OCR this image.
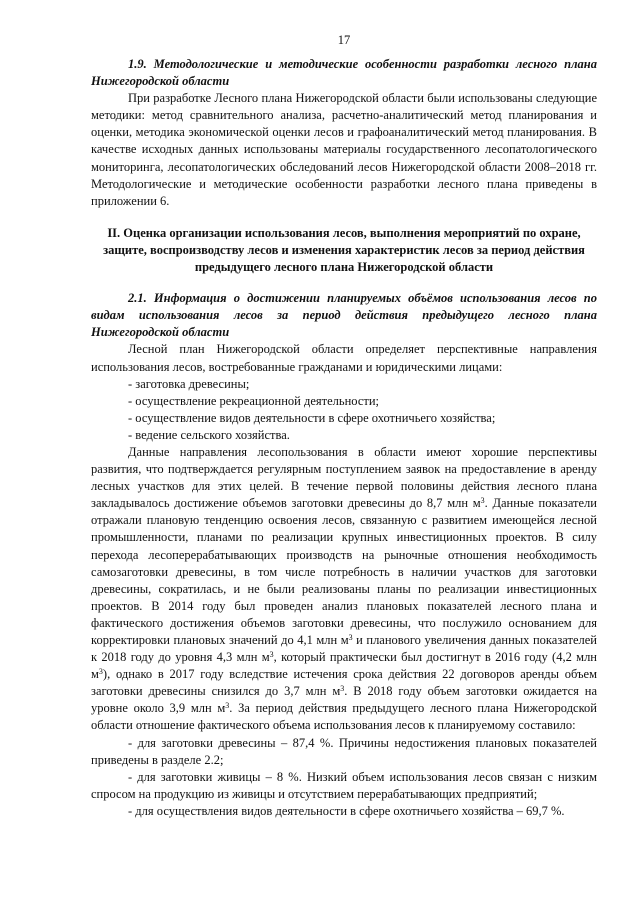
17

1.9. Методологические и методические особенности разработки лесного плана Нижегородской области

При разработке Лесного плана Нижегородской области были использованы следующие методики: метод сравнительного анализа, расчетно-аналитический метод планирования и оценки, методика экономической оценки лесов и графоаналитический метод планирования. В качестве исходных данных использованы материалы государственного лесопатологического мониторинга, лесопатологических обследований лесов Нижегородской области 2008–2018 гг. Методологические и методические особенности разработки лесного плана приведены в приложении 6.

II. Оценка организации использования лесов, выполнения мероприятий по охране, защите, воспроизводству лесов и изменения характеристик лесов за период действия предыдущего лесного плана Нижегородской области

2.1. Информация о достижении планируемых объёмов использования лесов по видам использования лесов за период действия предыдущего лесного плана Нижегородской области

Лесной план Нижегородской области определяет перспективные направления использования лесов, востребованные гражданами и юридическими лицами:

- заготовка древесины;

- осуществление рекреационной деятельности;

- осуществление видов деятельности в сфере охотничьего хозяйства;

- ведение сельского хозяйства.

Данные направления лесопользования в области имеют хорошие перспективы развития, что подтверждается регулярным поступлением заявок на предоставление в аренду лесных участков для этих целей. В течение первой половины действия лесного плана закладывалось достижение объемов заготовки древесины до 8,7 млн $м^3$. Данные показатели отражали плановую тенденцию освоения лесов, связанную с развитием имеющейся лесной промышленности, планами по реализации крупных инвестиционных проектов. В силу перехода лесоперерабатывающих производств на рыночные отношения необходимость самозаготовки древесины, в том числе потребность в наличии участков для заготовки древесины, сократилась, и не были реализованы планы по реализации инвестиционных проектов. В 2014 году был проведен анализ плановых показателей лесного плана и фактического достижения объемов заготовки древесины, что послужило основанием для корректировки плановых значений до 4,1 млн $м^3$ и планового увеличения данных показателей к 2018 году до уровня 4,3 млн $м^3$, который практически был достигнут в 2016 году (4,2 млн $м^3$), однако в 2017 году вследствие истечения срока действия 22 договоров аренды объем заготовки древесины снизился до 3,7 млн $м^3$. В 2018 году объем заготовки ожидается на уровне около 3,9 млн $м^3$. За период действия предыдущего лесного плана Нижегородской области отношение фактического объема использования лесов к планируемому составило:

- для заготовки древесины – 87,4 %. Причины недостижения плановых показателей приведены в разделе 2.2;

- для заготовки живицы – 8 %. Низкий объем использования лесов связан с низким спросом на продукцию из живицы и отсутствием перерабатывающих предприятий;

- для осуществления видов деятельности в сфере охотничьего хозяйства – 69,7 %.
